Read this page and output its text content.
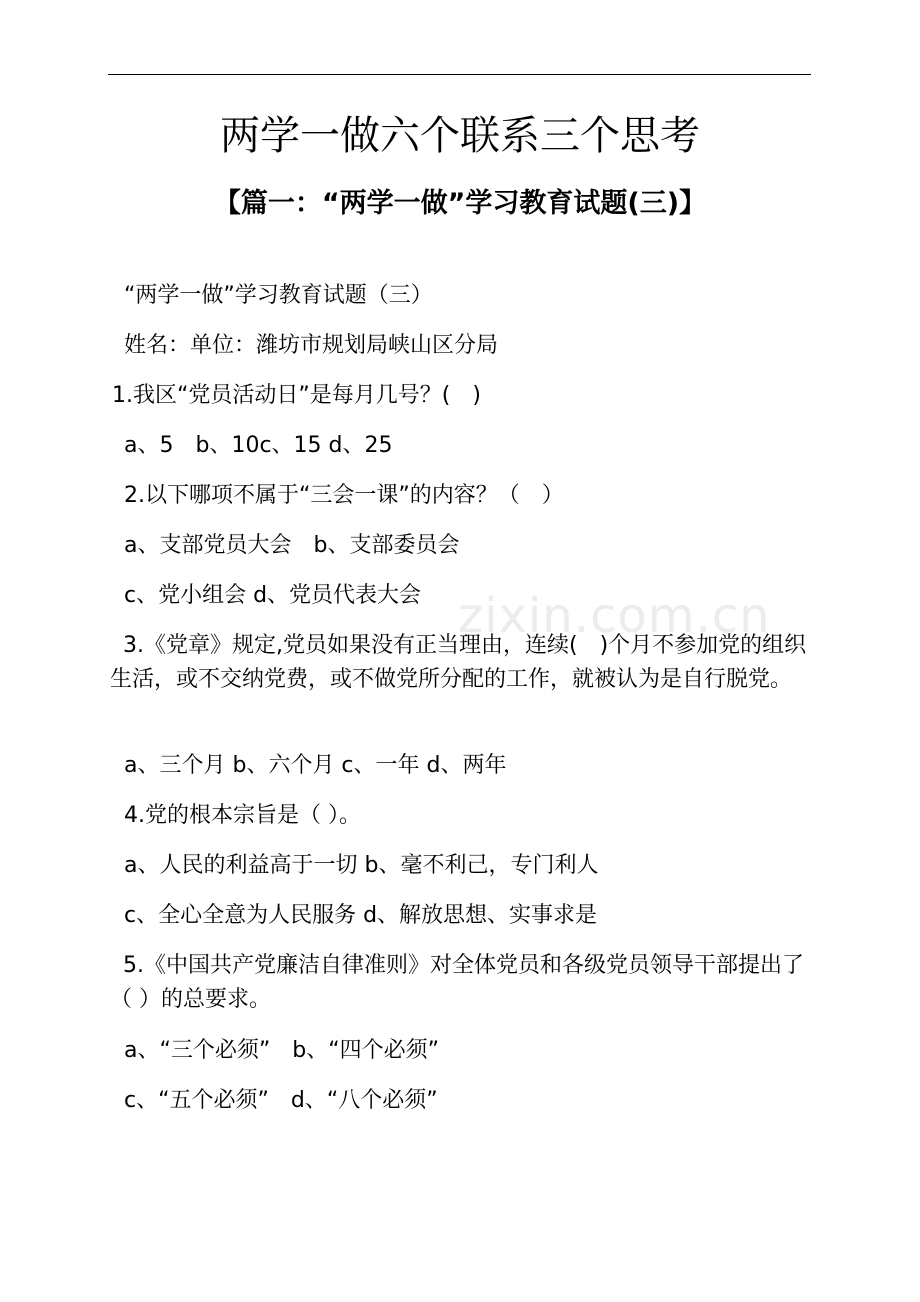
两学一做六个联系三个思考
【篇一：“两学一做”学习教育试题(三)】
zixin.com.cn
“两学一做”学习教育试题（三）
姓名：单位：潍坊市规划局峡山区分局
1.我区“党员活动日”是每月几号？(　)
a、5　b、10c、15 d、25
2.以下哪项不属于“三会一课”的内容？（　）
a、支部党员大会　b、支部委员会
c、党小组会 d、党员代表大会
3.《党章》规定,党员如果没有正当理由，连续(　)个月不参加党的组织生活，或不交纳党费，或不做党所分配的工作，就被认为是自行脱党。
a、三个月 b、六个月 c、一年 d、两年
4.党的根本宗旨是（ ）。
a、人民的利益高于一切 b、毫不利己，专门利人
c、全心全意为人民服务 d、解放思想、实事求是
5.《中国共产党廉洁自律准则》对全体党员和各级党员领导干部提出了（ ）的总要求。
a、“三个必须”　b、“四个必须”
c、“五个必须”　d、“八个必须”
